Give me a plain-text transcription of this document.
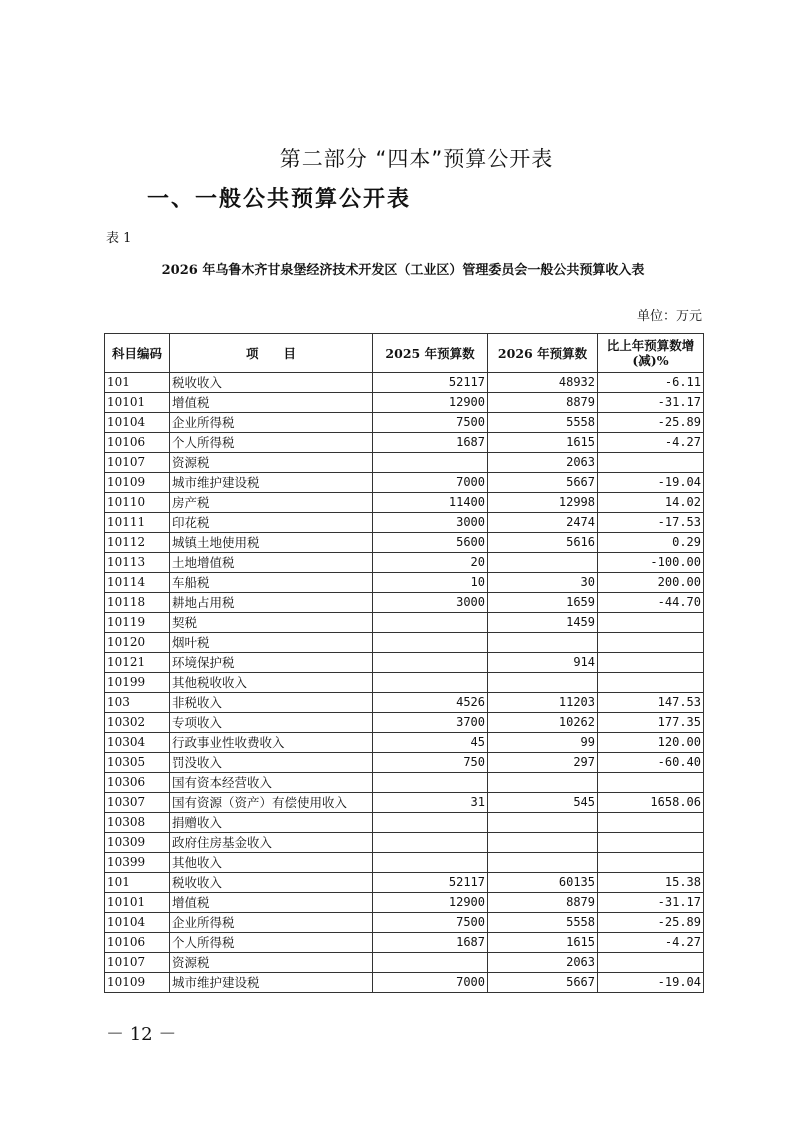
第二部分 “四本”预算公开表
一、一般公共预算公开表
表 1
2026 年乌鲁木齐甘泉堡经济技术开发区（工业区）管理委员会一般公共预算收入表
单位：万元
科目编码	项　　目	2025 年预算数	2026 年预算数	比上年预算数增(减)%
101	税收收入	52117	48932	-6.11
10101	增值税	12900	8879	-31.17
10104	企业所得税	7500	5558	-25.89
10106	个人所得税	1687	1615	-4.27
10107	资源税		2063	
10109	城市维护建设税	7000	5667	-19.04
10110	房产税	11400	12998	14.02
10111	印花税	3000	2474	-17.53
10112	城镇土地使用税	5600	5616	0.29
10113	土地增值税	20		-100.00
10114	车船税	10	30	200.00
10118	耕地占用税	3000	1659	-44.70
10119	契税		1459	
10120	烟叶税			
10121	环境保护税		914	
10199	其他税收收入			
103	非税收入	4526	11203	147.53
10302	专项收入	3700	10262	177.35
10304	行政事业性收费收入	45	99	120.00
10305	罚没收入	750	297	-60.40
10306	国有资本经营收入			
10307	国有资源（资产）有偿使用收入	31	545	1658.06
10308	捐赠收入			
10309	政府住房基金收入			
10399	其他收入			
101	税收收入	52117	60135	15.38
10101	增值税	12900	8879	-31.17
10104	企业所得税	7500	5558	-25.89
10106	个人所得税	1687	1615	-4.27
10107	资源税		2063	
10109	城市维护建设税	7000	5667	-19.04
－ 12 －
